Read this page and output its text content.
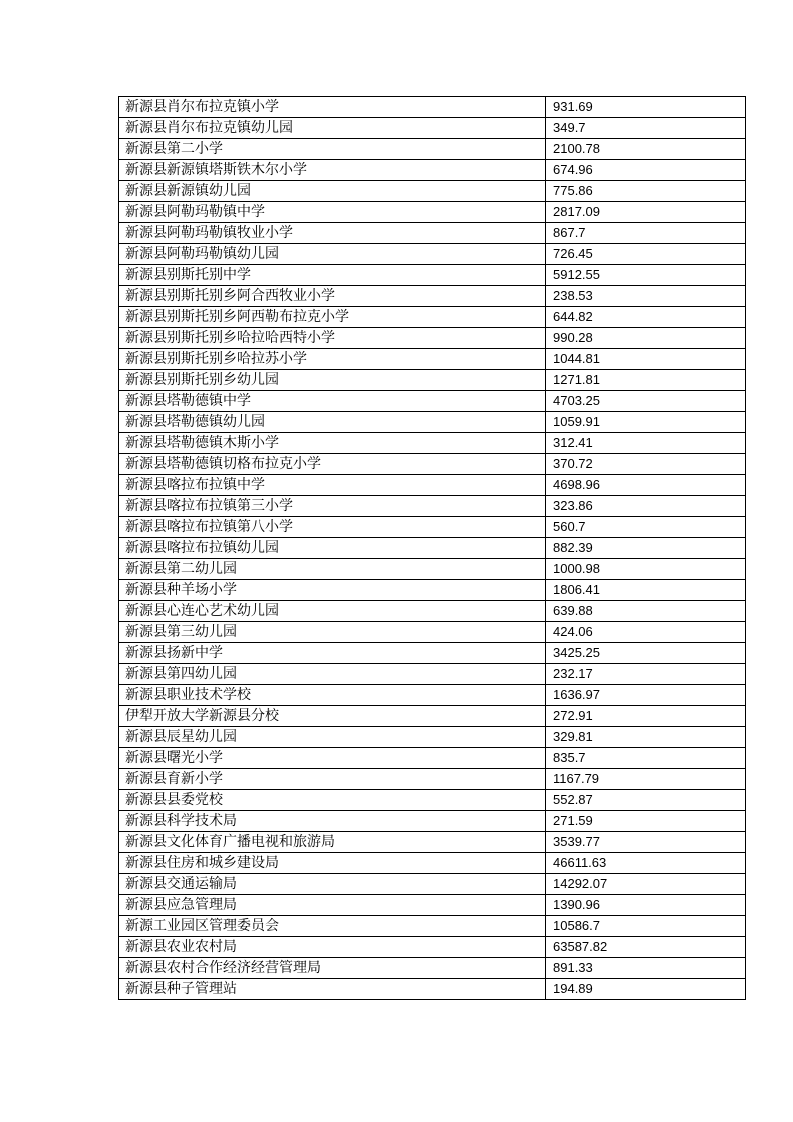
新源县肖尔布拉克镇小学	931.69
新源县肖尔布拉克镇幼儿园	349.7
新源县第二小学	2100.78
新源县新源镇塔斯铁木尔小学	674.96
新源县新源镇幼儿园	775.86
新源县阿勒玛勒镇中学	2817.09
新源县阿勒玛勒镇牧业小学	867.7
新源县阿勒玛勒镇幼儿园	726.45
新源县别斯托别中学	5912.55
新源县别斯托别乡阿合西牧业小学	238.53
新源县别斯托别乡阿西勒布拉克小学	644.82
新源县别斯托别乡哈拉哈西特小学	990.28
新源县别斯托别乡哈拉苏小学	1044.81
新源县别斯托别乡幼儿园	1271.81
新源县塔勒德镇中学	4703.25
新源县塔勒德镇幼儿园	1059.91
新源县塔勒德镇木斯小学	312.41
新源县塔勒德镇切格布拉克小学	370.72
新源县喀拉布拉镇中学	4698.96
新源县喀拉布拉镇第三小学	323.86
新源县喀拉布拉镇第八小学	560.7
新源县喀拉布拉镇幼儿园	882.39
新源县第二幼儿园	1000.98
新源县种羊场小学	1806.41
新源县心连心艺术幼儿园	639.88
新源县第三幼儿园	424.06
新源县扬新中学	3425.25
新源县第四幼儿园	232.17
新源县职业技术学校	1636.97
伊犁开放大学新源县分校	272.91
新源县辰星幼儿园	329.81
新源县曙光小学	835.7
新源县育新小学	1167.79
新源县县委党校	552.87
新源县科学技术局	271.59
新源县文化体育广播电视和旅游局	3539.77
新源县住房和城乡建设局	46611.63
新源县交通运输局	14292.07
新源县应急管理局	1390.96
新源工业园区管理委员会	10586.7
新源县农业农村局	63587.82
新源县农村合作经济经营管理局	891.33
新源县种子管理站	194.89
